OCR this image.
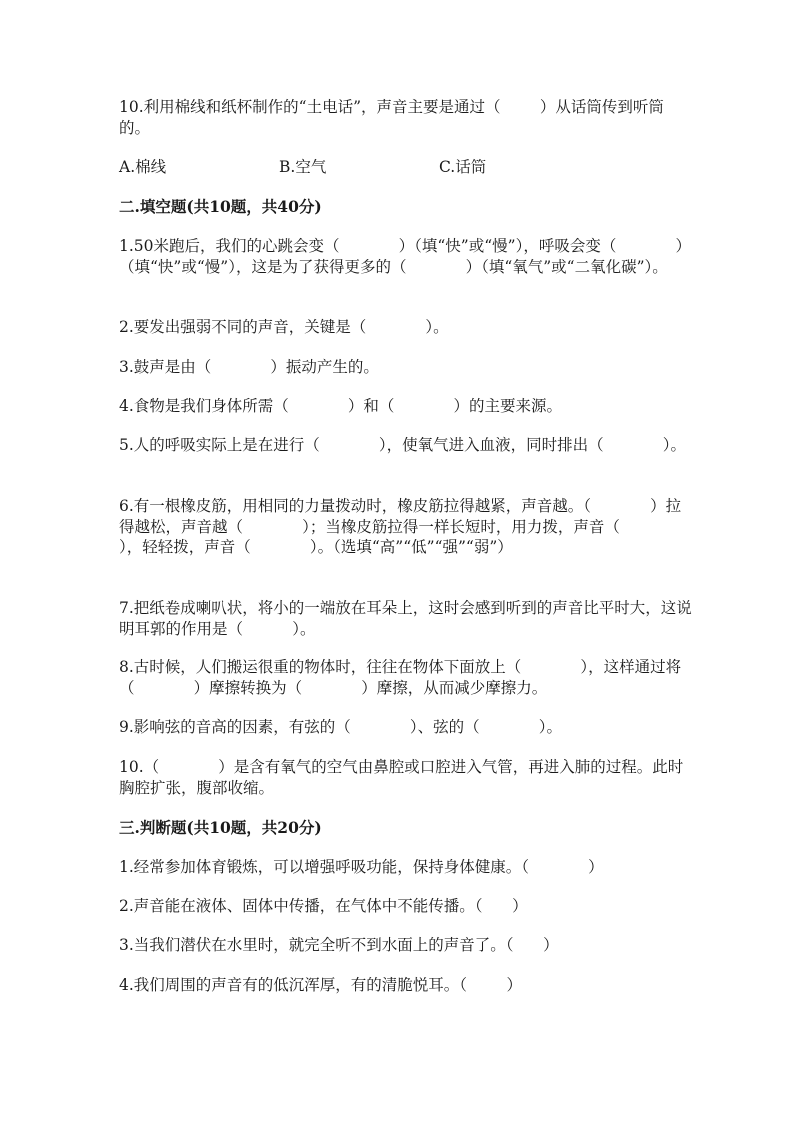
10.利用棉线和纸杯制作的“土电话”，声音主要是通过（        ）从话筒传到听筒的。

A.棉线	B.空气	C.话筒

二.填空题(共10题，共40分)

1.50米跑后，我们的心跳会变（            ）（填“快”或“慢”），呼吸会变（            ）（填“快”或“慢”），这是为了获得更多的（            ）（填“氧气”或“二氧化碳”）。

2.要发出强弱不同的声音，关键是（            ）。

3.鼓声是由（            ）振动产生的。

4.食物是我们身体所需（            ）和（            ）的主要来源。

5.人的呼吸实际上是在进行（            ），使氧气进入血液，同时排出（            ）。

6.有一根橡皮筋，用相同的力量拨动时，橡皮筋拉得越紧，声音越。（            ）拉得越松，声音越（            ）；当橡皮筋拉得一样长短时，用力拨，声音（            ），轻轻拨，声音（            ）。（选填“高”“低”“强”“弱”）

7.把纸卷成喇叭状，将小的一端放在耳朵上，这时会感到听到的声音比平时大，这说明耳郭的作用是（          ）。

8.古时候，人们搬运很重的物体时，往往在物体下面放上（            ），这样通过将（            ）摩擦转换为（            ）摩擦，从而减少摩擦力。

9.影响弦的音高的因素，有弦的（            ）、弦的（            ）。

10.（            ）是含有氧气的空气由鼻腔或口腔进入气管，再进入肺的过程。此时胸腔扩张，腹部收缩。

三.判断题(共10题，共20分)

1.经常参加体育锻炼，可以增强呼吸功能，保持身体健康。（            ）

2.声音能在液体、固体中传播，在气体中不能传播。（      ）

3.当我们潜伏在水里时，就完全听不到水面上的声音了。（      ）

4.我们周围的声音有的低沉浑厚，有的清脆悦耳。（        ）
